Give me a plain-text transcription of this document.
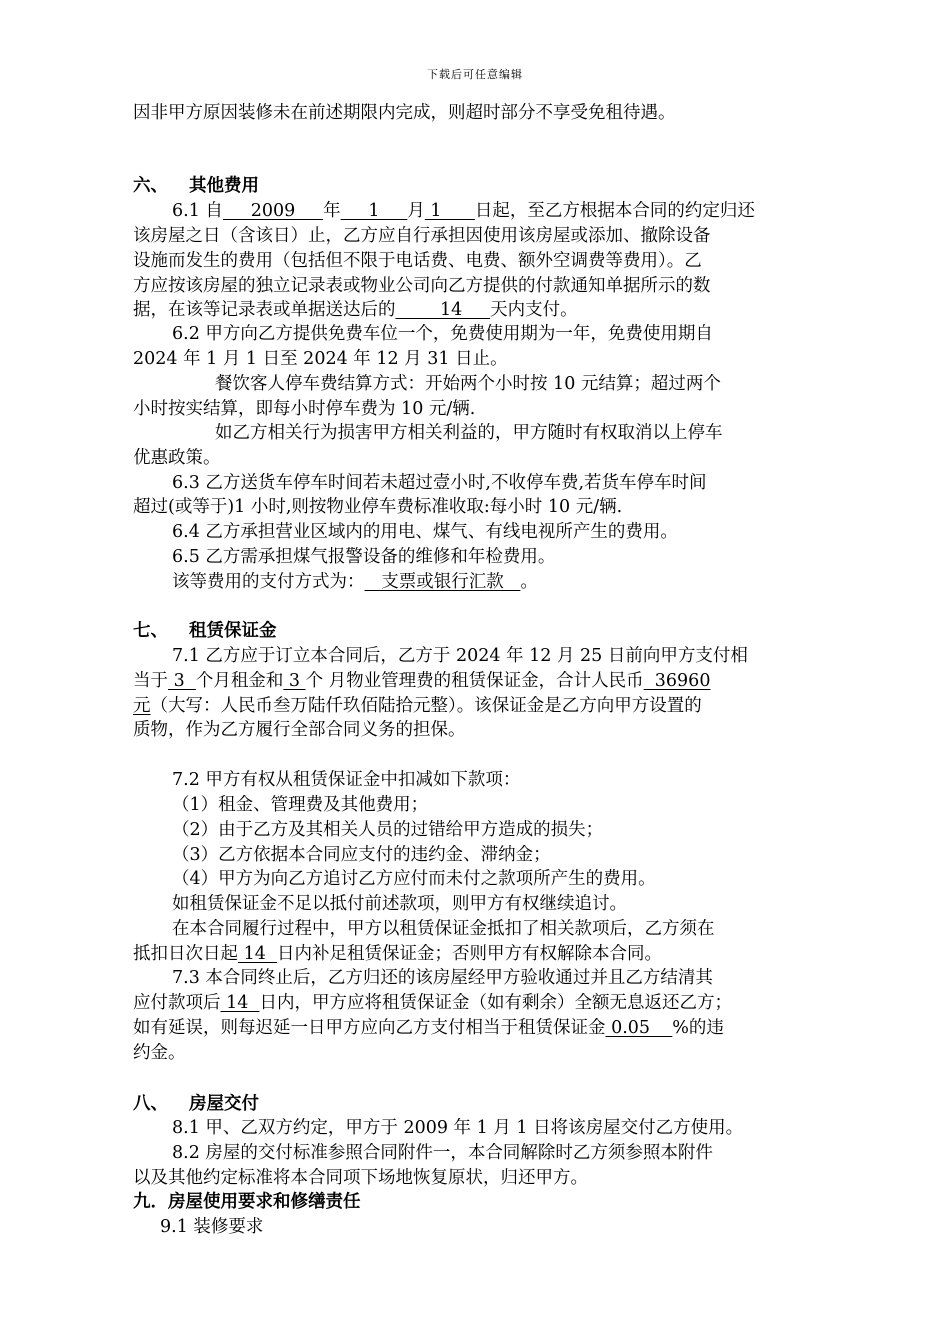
下载后可任意编辑
因非甲方原因装修未在前述期限内完成，则超时部分不享受免租待遇。
六、 其他费用
6.1 自     2009     年     1     月 1      日起，至乙方根据本合同的约定归还
该房屋之日（含该日）止，乙方应自行承担因使用该房屋或添加、撤除设备
设施而发生的费用（包括但不限于电话费、电费、额外空调费等费用）。乙
方应按该房屋的独立记录表或物业公司向乙方提供的付款通知单据所示的数
据，在该等记录表或单据送达后的        14     天内支付。
6.2 甲方向乙方提供免费车位一个，免费使用期为一年，免费使用期自
2024 年 1 月 1 日至 2024 年 12 月 31 日止。
餐饮客人停车费结算方式：开始两个小时按 10 元结算；超过两个
小时按实结算，即每小时停车费为 10 元/辆.
如乙方相关行为损害甲方相关利益的，甲方随时有权取消以上停车
优惠政策。
6.3 乙方送货车停车时间若未超过壹小时,不收停车费,若货车停车时间
超过(或等于)1 小时,则按物业停车费标准收取:每小时 10 元/辆.
6.4 乙方承担营业区域内的用电、煤气、有线电视所产生的费用。
6.5 乙方需承担煤气报警设备的维修和年检费用。
该等费用的支付方式为：   支票或银行汇款   。
七、 租赁保证金
7.1 乙方应于订立本合同后，乙方于 2024 年 12 月 25 日前向甲方支付相
当于 3  个月租金和 3 个 月物业管理费的租赁保证金，合计人民币  36960
元（大写：人民币叁万陆仟玖佰陆拾元整）。该保证金是乙方向甲方设置的
质物，作为乙方履行全部合同义务的担保。
7.2 甲方有权从租赁保证金中扣减如下款项：
（1）租金、管理费及其他费用；
（2）由于乙方及其相关人员的过错给甲方造成的损失；
（3）乙方依据本合同应支付的违约金、滞纳金；
（4）甲方为向乙方追讨乙方应付而未付之款项所产生的费用。
如租赁保证金不足以抵付前述款项，则甲方有权继续追讨。
在本合同履行过程中，甲方以租赁保证金抵扣了相关款项后，乙方须在
抵扣日次日起 14  日内补足租赁保证金；否则甲方有权解除本合同。
7.3 本合同终止后，乙方归还的该房屋经甲方验收通过并且乙方结清其
应付款项后 14  日内，甲方应将租赁保证金（如有剩余）全额无息返还乙方；
如有延误，则每迟延一日甲方应向乙方支付相当于租赁保证金 0.05    %的违
约金。
八、 房屋交付
8.1 甲、乙双方约定，甲方于 2009 年 1 月 1 日将该房屋交付乙方使用。
8.2 房屋的交付标准参照合同附件一，本合同解除时乙方须参照本附件
以及其他约定标准将本合同项下场地恢复原状，归还甲方。
九．房屋使用要求和修缮责任
9.1 装修要求
